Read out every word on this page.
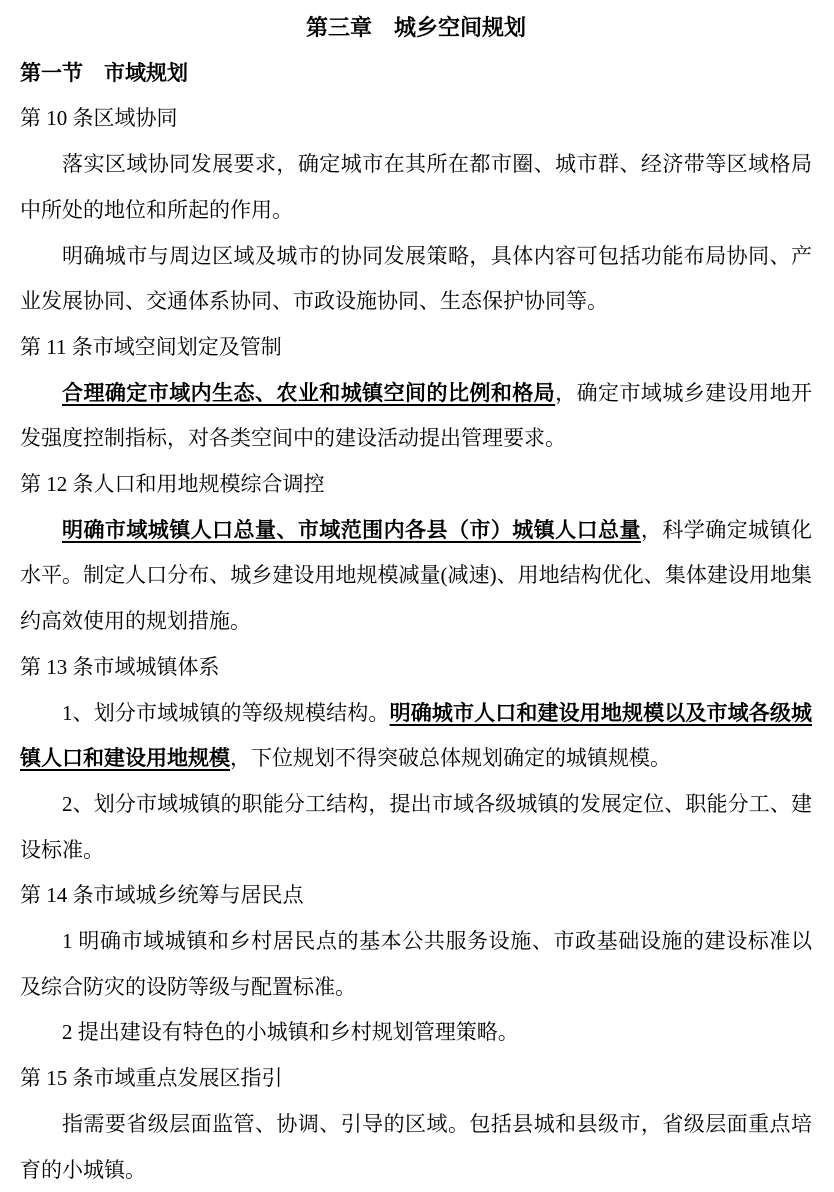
第三章　城乡空间规划
第一节　市域规划

第 10 条区域协同

落实区域协同发展要求，确定城市在其所在都市圈、城市群、经济带等区域格局中所处的地位和所起的作用。

明确城市与周边区域及城市的协同发展策略，具体内容可包括功能布局协同、产业发展协同、交通体系协同、市政设施协同、生态保护协同等。

第 11 条市域空间划定及管制

合理确定市域内生态、农业和城镇空间的比例和格局，确定市域城乡建设用地开发强度控制指标，对各类空间中的建设活动提出管理要求。

第 12 条人口和用地规模综合调控

明确市域城镇人口总量、市域范围内各县（市）城镇人口总量，科学确定城镇化水平。制定人口分布、城乡建设用地规模减量(减速)、用地结构优化、集体建设用地集约高效使用的规划措施。

第 13 条市域城镇体系

1、划分市域城镇的等级规模结构。明确城市人口和建设用地规模以及市域各级城镇人口和建设用地规模，下位规划不得突破总体规划确定的城镇规模。

2、划分市域城镇的职能分工结构，提出市域各级城镇的发展定位、职能分工、建设标准。

第 14 条市域城乡统筹与居民点

1 明确市域城镇和乡村居民点的基本公共服务设施、市政基础设施的建设标准以及综合防灾的设防等级与配置标准。

2 提出建设有特色的小城镇和乡村规划管理策略。

第 15 条市域重点发展区指引

指需要省级层面监管、协调、引导的区域。包括县城和县级市，省级层面重点培育的小城镇。
